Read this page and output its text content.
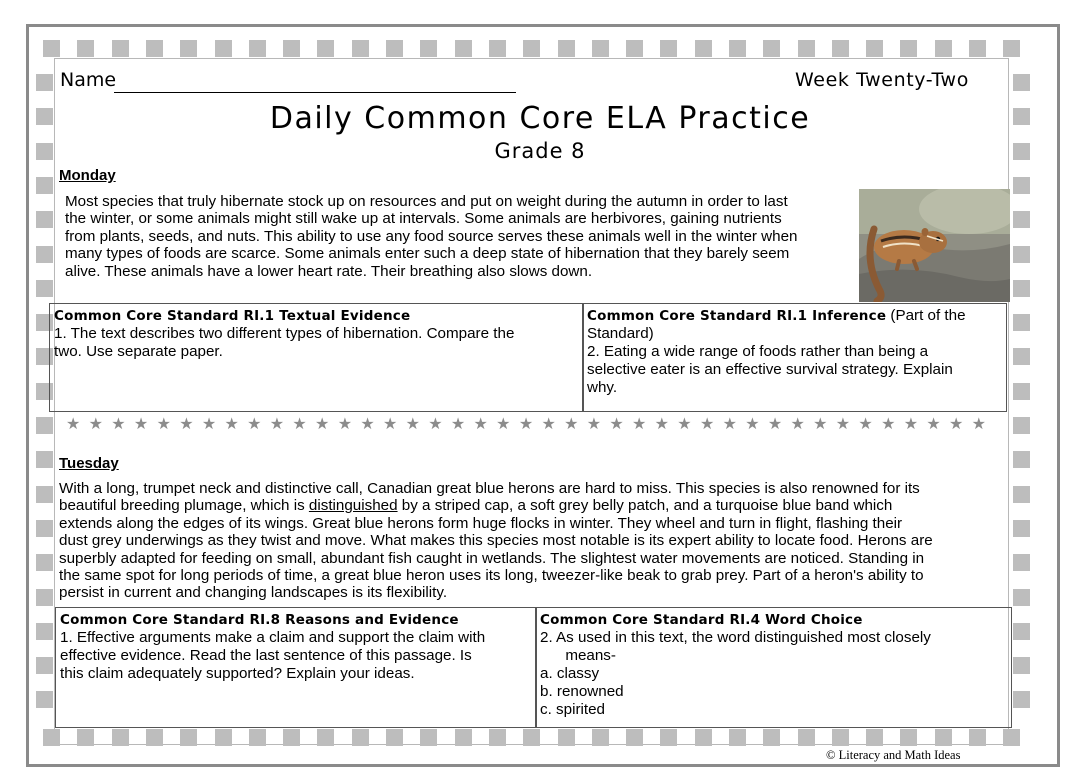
Name	Week Twenty-Two
Daily Common Core ELA Practice
Grade 8
Monday
Most species that truly hibernate stock up on resources and put on weight during the autumn in order to last
the winter, or some animals might still wake up at intervals. Some animals are herbivores, gaining nutrients
from plants, seeds, and nuts. This ability to use any food source serves these animals well in the winter when
many types of foods are scarce. Some animals enter such a deep state of hibernation that they barely seem
alive. These animals have a lower heart rate. Their breathing also slows down.
Common Core Standard RI.1 Textual Evidence
1. The text describes two different types of hibernation. Compare the
two. Use separate paper.
Common Core Standard RI.1 Inference (Part of the
Standard)
2. Eating a wide range of foods rather than being a
selective eater is an effective survival strategy. Explain
why.
★ ★ ★ ★ ★ ★ ★ ★ ★ ★ ★ ★ ★ ★ ★ ★ ★ ★ ★ ★ ★ ★ ★ ★ ★ ★ ★ ★ ★ ★ ★ ★ ★ ★ ★ ★ ★ ★ ★ ★ ★
Tuesday
With a long, trumpet neck and distinctive call, Canadian great blue herons are hard to miss. This species is also renowned for its
beautiful breeding plumage, which is distinguished by a striped cap, a soft grey belly patch, and a turquoise blue band which
extends along the edges of its wings. Great blue herons form huge flocks in winter. They wheel and turn in flight, flashing their
dust grey underwings as they twist and move. What makes this species most notable is its expert ability to locate food. Herons are
superbly adapted for feeding on small, abundant fish caught in wetlands. The slightest water movements are noticed. Standing in
the same spot for long periods of time, a great blue heron uses its long, tweezer-like beak to grab prey. Part of a heron's ability to
persist in current and changing landscapes is its flexibility.
Common Core Standard RI.8 Reasons and Evidence
1. Effective arguments make a claim and support the claim with
effective evidence. Read the last sentence of this passage. Is
this claim adequately supported? Explain your ideas.
Common Core Standard RI.4 Word Choice
2. As used in this text, the word distinguished most closely
means-
a. classy
b. renowned
c. spirited
© Literacy and Math Ideas
